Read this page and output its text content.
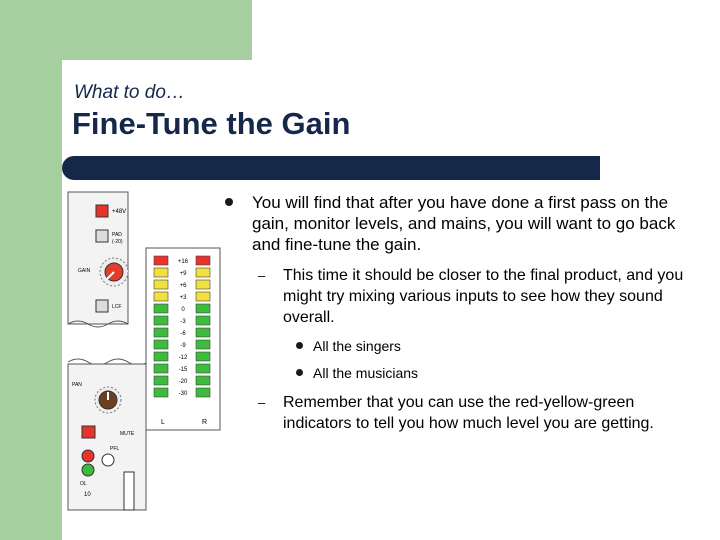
What to do…
Fine-Tune the Gain
+48V
PAD
(-20)
GAIN
LCF
PAN
MUTE
PFL
OL
10
+16
+9
+6
+3
0
-3
-6
-9
-12
-15
-20
-30
L	R
You will find that after you have done a first pass on the gain, monitor levels, and mains, you will want to go back and fine-tune the gain.
– This time it should be closer to the final product, and you might try mixing various inputs to see how they sound overall.
All the singers
All the musicians
– Remember that you can use the red-yellow-green indicators to tell you how much level you are getting.
